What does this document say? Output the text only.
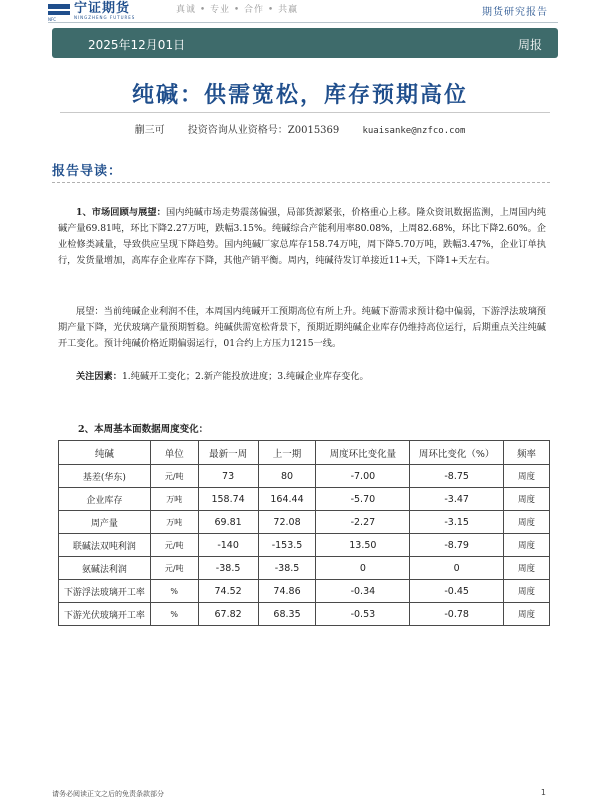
宁证期货
NINGZHENG FUTURES
NFC
真诚 • 专业 • 合作 • 共赢	期货研究报告
2025年12月01日	周报
纯碱：供需宽松，库存预期高位
蒯三可 投资咨询从业资格号：Z0015369	kuaisanke@nzfco.com
报告导读：
1、市场回顾与展望：国内纯碱市场走势震荡偏强，局部货源紧张，价格重心上移。隆众资讯数据监测，上周国内纯碱产量69.81吨，环比下降2.27万吨，跌幅3.15%。纯碱综合产能利用率80.08%，上周82.68%，环比下降2.60%。企业检修类减量，导致供应呈现下降趋势。国内纯碱厂家总库存158.74万吨，周下降5.70万吨，跌幅3.47%，企业订单执行，发货量增加，高库存企业库存下降，其他产销平衡。周内，纯碱待发订单接近11+天，下降1+天左右。
展望：当前纯碱企业利润不佳，本周国内纯碱开工预期高位有所上升。纯碱下游需求预计稳中偏弱，下游浮法玻璃预期产量下降，光伏玻璃产量预期暂稳。纯碱供需宽松背景下，预期近期纯碱企业库存仍维持高位运行，后期重点关注纯碱开工变化。预计纯碱价格近期偏弱运行，01合约上方压力1215一线。
关注因素：1.纯碱开工变化；2.新产能投放进度；3.纯碱企业库存变化。
2、本周基本面数据周度变化：
纯碱	单位	最新一周	上一期	周度环比变化量	周环比变化（%）	频率
基差(华东)	元/吨	73	80	-7.00	-8.75	周度
企业库存	万吨	158.74	164.44	-5.70	-3.47	周度
周产量	万吨	69.81	72.08	-2.27	-3.15	周度
联碱法双吨利润	元/吨	-140	-153.5	13.50	-8.79	周度
氨碱法利润	元/吨	-38.5	-38.5	0	0	周度
下游浮法玻璃开工率	%	74.52	74.86	-0.34	-0.45	周度
下游光伏玻璃开工率	%	67.82	68.35	-0.53	-0.78	周度
请务必阅读正文之后的免责条款部分	1
